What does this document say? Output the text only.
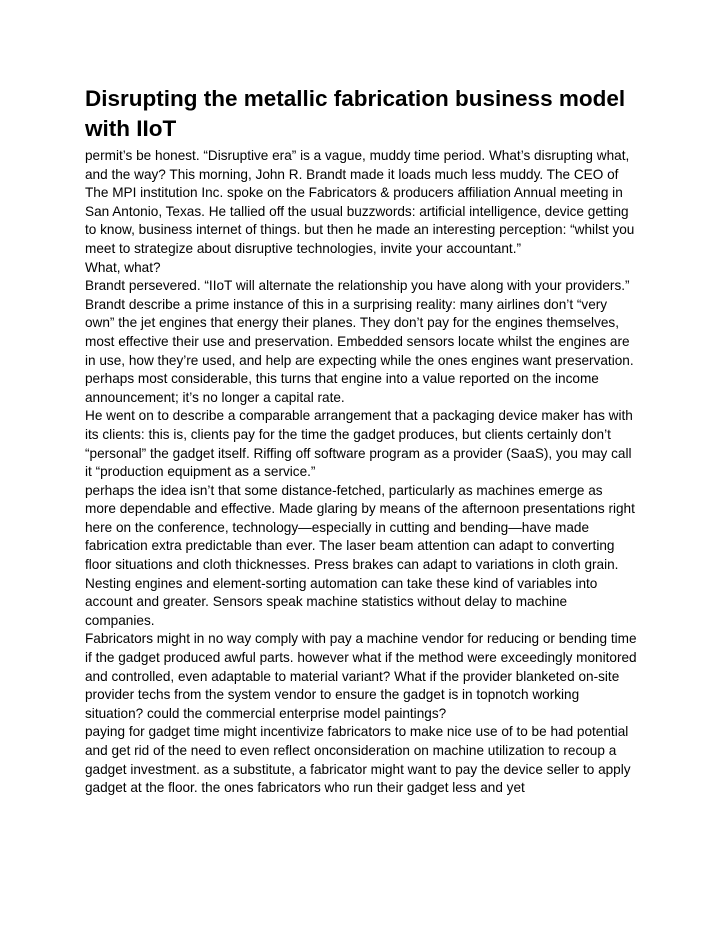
Disrupting the metallic fabrication business model with IIoT

permit’s be honest. “Disruptive era” is a vague, muddy time period. What’s disrupting what, and the way? This morning, John R. Brandt made it loads much less muddy. The CEO of The MPI institution Inc. spoke on the Fabricators & producers affiliation Annual meeting in San Antonio, Texas. He tallied off the usual buzzwords: artificial intelligence, device getting to know, business internet of things. but then he made an interesting perception: “whilst you meet to strategize about disruptive technologies, invite your accountant.”

What, what?

Brandt persevered. “IIoT will alternate the relationship you have along with your providers.”

Brandt describe a prime instance of this in a surprising reality: many airlines don’t “very own” the jet engines that energy their planes. They don’t pay for the engines themselves, most effective their use and preservation. Embedded sensors locate whilst the engines are in use, how they’re used, and help are expecting while the ones engines want preservation. perhaps most considerable, this turns that engine into a value reported on the income announcement; it’s no longer a capital rate.

He went on to describe a comparable arrangement that a packaging device maker has with its clients: this is, clients pay for the time the gadget produces, but clients certainly don’t “personal” the gadget itself. Riffing off software program as a provider (SaaS), you may call it “production equipment as a service.”

perhaps the idea isn’t that some distance-fetched, particularly as machines emerge as more dependable and effective. Made glaring by means of the afternoon presentations right here on the conference, technology—especially in cutting and bending—have made fabrication extra predictable than ever. The laser beam attention can adapt to converting floor situations and cloth thicknesses. Press brakes can adapt to variations in cloth grain. Nesting engines and element-sorting automation can take these kind of variables into account and greater. Sensors speak machine statistics without delay to machine companies.

Fabricators might in no way comply with pay a machine vendor for reducing or bending time if the gadget produced awful parts. however what if the method were exceedingly monitored and controlled, even adaptable to material variant? What if the provider blanketed on-site provider techs from the system vendor to ensure the gadget is in topnotch working situation? could the commercial enterprise model paintings?

paying for gadget time might incentivize fabricators to make nice use of to be had potential and get rid of the need to even reflect onconsideration on machine utilization to recoup a gadget investment. as a substitute, a fabricator might want to pay the device seller to apply gadget at the floor. the ones fabricators who run their gadget less and yet
